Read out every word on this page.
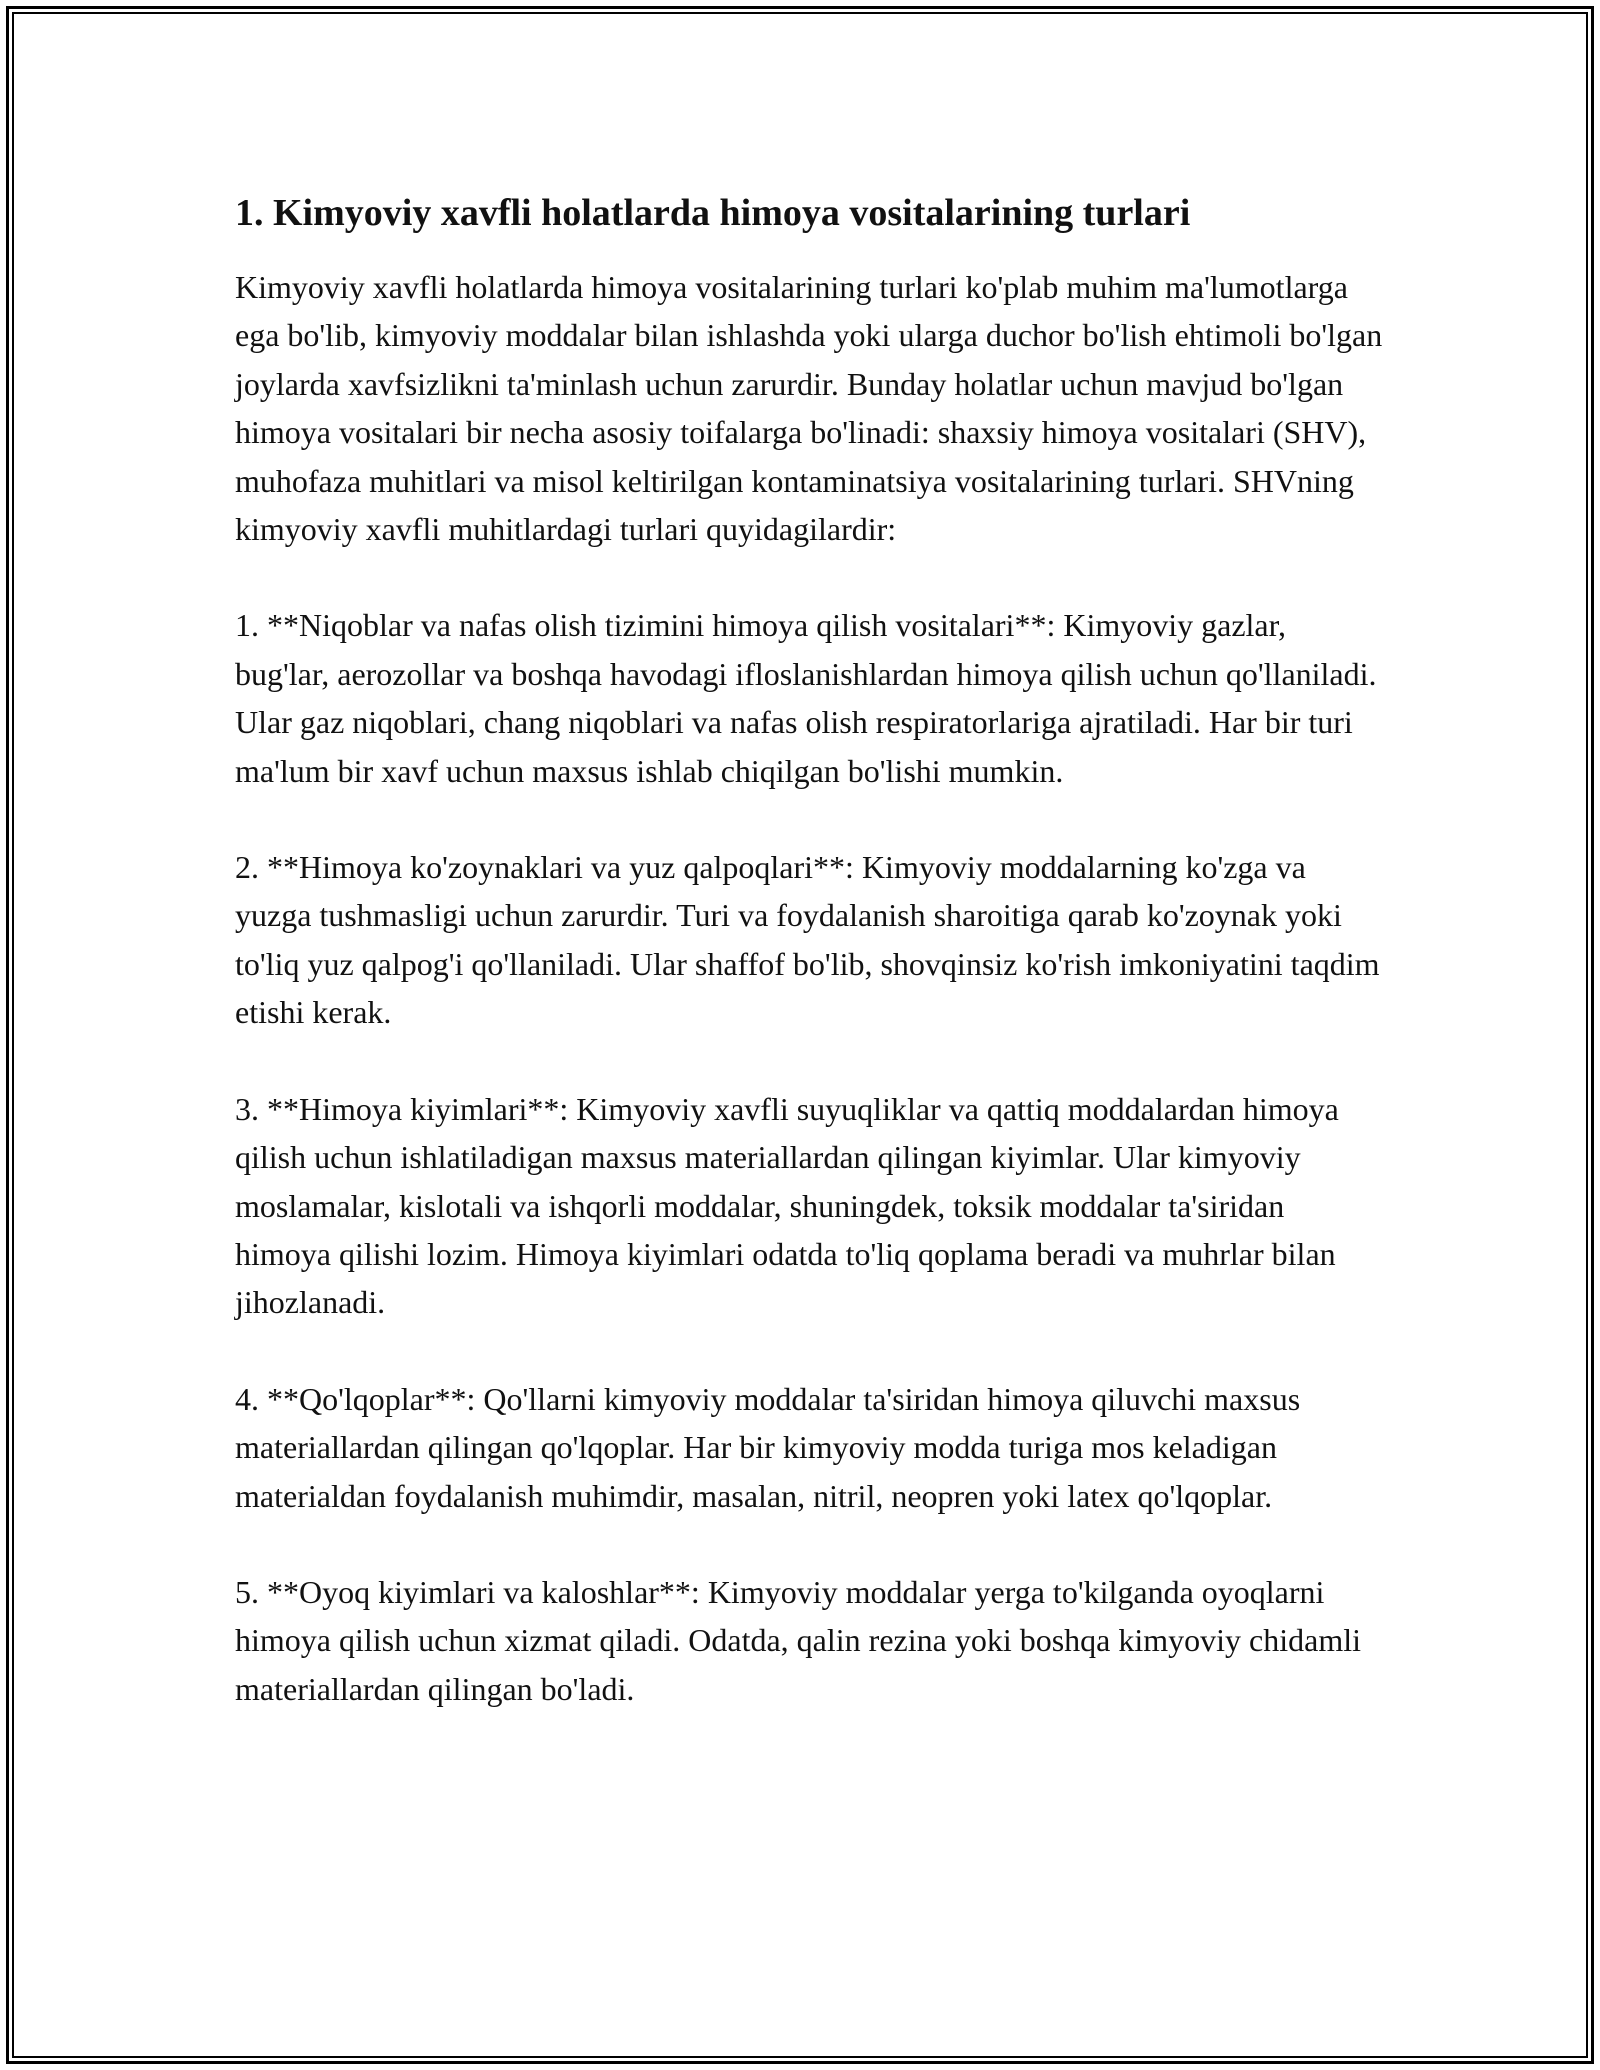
1. Kimyoviy xavfli holatlarda himoya vositalarining turlari

Kimyoviy xavfli holatlarda himoya vositalarining turlari ko'plab muhim ma'lumotlarga ega bo'lib, kimyoviy moddalar bilan ishlashda yoki ularga duchor bo'lish ehtimoli bo'lgan joylarda xavfsizlikni ta'minlash uchun zarurdir. Bunday holatlar uchun mavjud bo'lgan himoya vositalari bir necha asosiy toifalarga bo'linadi: shaxsiy himoya vositalari (SHV), muhofaza muhitlari va misol keltirilgan kontaminatsiya vositalarining turlari. SHVning kimyoviy xavfli muhitlardagi turlari quyidagilardir:

1. **Niqoblar va nafas olish tizimini himoya qilish vositalari**: Kimyoviy gazlar, bug'lar, aerozollar va boshqa havodagi ifloslanishlardan himoya qilish uchun qo'llaniladi. Ular gaz niqoblari, chang niqoblari va nafas olish respiratorlariga ajratiladi. Har bir turi ma'lum bir xavf uchun maxsus ishlab chiqilgan bo'lishi mumkin.

2. **Himoya ko'zoynaklari va yuz qalpoqlari**: Kimyoviy moddalarning ko'zga va yuzga tushmasligi uchun zarurdir. Turi va foydalanish sharoitiga qarab ko'zoynak yoki to'liq yuz qalpog'i qo'llaniladi. Ular shaffof bo'lib, shovqinsiz ko'rish imkoniyatini taqdim etishi kerak.

3. **Himoya kiyimlari**: Kimyoviy xavfli suyuqliklar va qattiq moddalardan himoya qilish uchun ishlatiladigan maxsus materiallardan qilingan kiyimlar. Ular kimyoviy moslamalar, kislotali va ishqorli moddalar, shuningdek, toksik moddalar ta'siridan himoya qilishi lozim. Himoya kiyimlari odatda to'liq qoplama beradi va muhrlar bilan jihozlanadi.

4. **Qo'lqoplar**: Qo'llarni kimyoviy moddalar ta'siridan himoya qiluvchi maxsus materiallardan qilingan qo'lqoplar. Har bir kimyoviy modda turiga mos keladigan materialdan foydalanish muhimdir, masalan, nitril, neopren yoki latex qo'lqoplar.

5. **Oyoq kiyimlari va kaloshlar**: Kimyoviy moddalar yerga to'kilganda oyoqlarni himoya qilish uchun xizmat qiladi. Odatda, qalin rezina yoki boshqa kimyoviy chidamli materiallardan qilingan bo'ladi.
